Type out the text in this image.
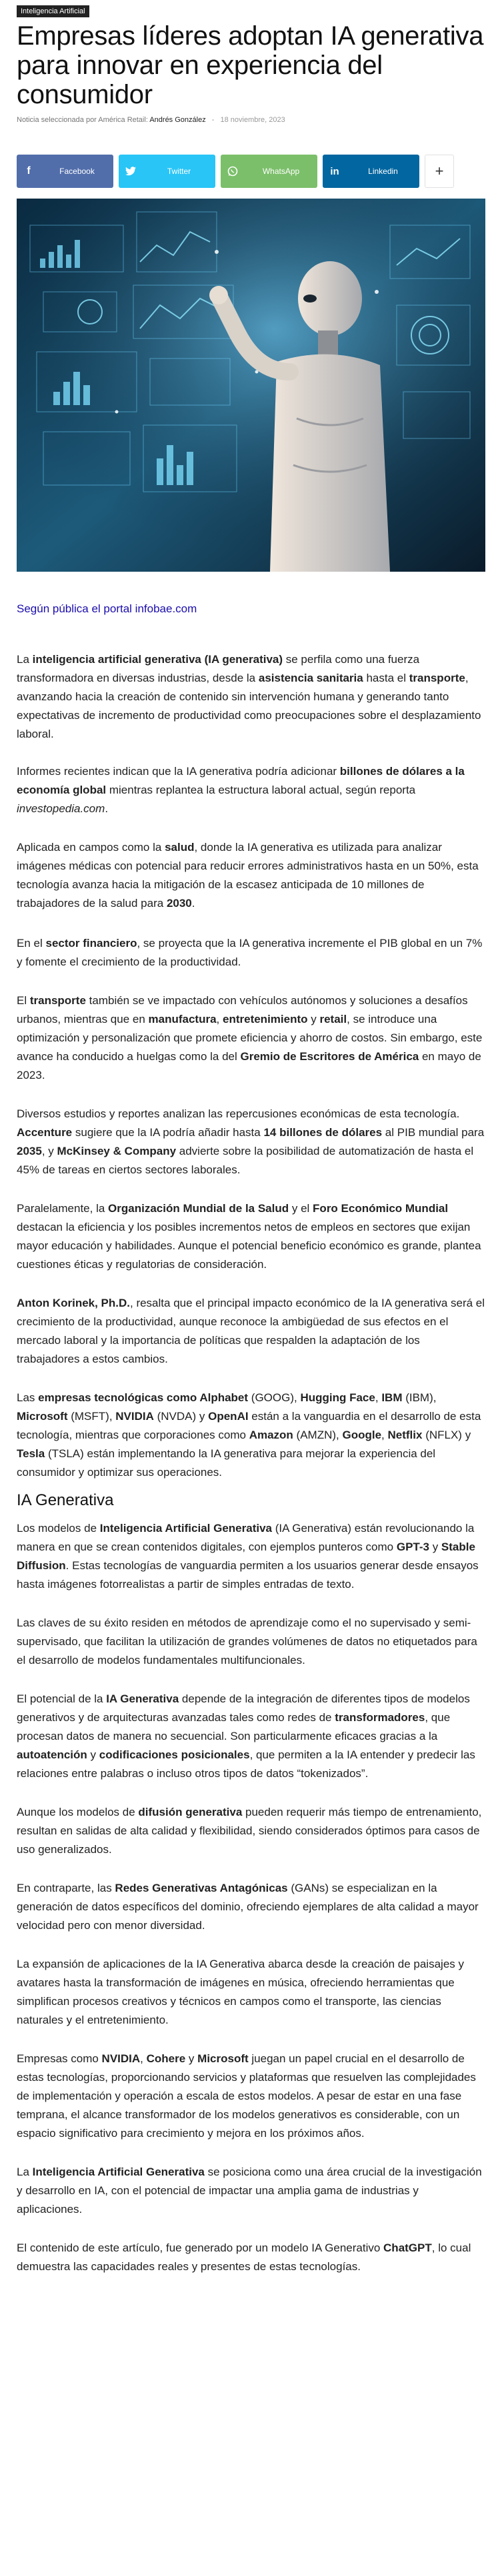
Inteligencia Artificial
Empresas líderes adoptan IA generativa para innovar en experiencia del consumidor
Noticia seleccionada por América Retail: Andrés González - 18 noviembre, 2023
f	Facebook	Twitter	WhatsApp	in	Linkedin	+
Según pública el portal infobae.com

La inteligencia artificial generativa (IA generativa) se perfila como una fuerza transformadora en diversas industrias, desde la asistencia sanitaria hasta el transporte, avanzando hacia la creación de contenido sin intervención humana y generando tanto expectativas de incremento de productividad como preocupaciones sobre el desplazamiento laboral.

Informes recientes indican que la IA generativa podría adicionar billones de dólares a la economía global mientras replantea la estructura laboral actual, según reporta investopedia.com.

Aplicada en campos como la salud, donde la IA generativa es utilizada para analizar imágenes médicas con potencial para reducir errores administrativos hasta en un 50%, esta tecnología avanza hacia la mitigación de la escasez anticipada de 10 millones de trabajadores de la salud para 2030.

En el sector financiero, se proyecta que la IA generativa incremente el PIB global en un 7% y fomente el crecimiento de la productividad.

El transporte también se ve impactado con vehículos autónomos y soluciones a desafíos urbanos, mientras que en manufactura, entretenimiento y retail, se introduce una optimización y personalización que promete eficiencia y ahorro de costos. Sin embargo, este avance ha conducido a huelgas como la del Gremio de Escritores de América en mayo de 2023.

Diversos estudios y reportes analizan las repercusiones económicas de esta tecnología. Accenture sugiere que la IA podría añadir hasta 14 billones de dólares al PIB mundial para 2035, y McKinsey & Company advierte sobre la posibilidad de automatización de hasta el 45% de tareas en ciertos sectores laborales.

Paralelamente, la Organización Mundial de la Salud y el Foro Económico Mundial destacan la eficiencia y los posibles incrementos netos de empleos en sectores que exijan mayor educación y habilidades. Aunque el potencial beneficio económico es grande, plantea cuestiones éticas y regulatorias de consideración.

Anton Korinek, Ph.D., resalta que el principal impacto económico de la IA generativa será el crecimiento de la productividad, aunque reconoce la ambigüedad de sus efectos en el mercado laboral y la importancia de políticas que respalden la adaptación de los trabajadores a estos cambios.

Las empresas tecnológicas como Alphabet (GOOG), Hugging Face, IBM (IBM), Microsoft (MSFT), NVIDIA (NVDA) y OpenAI están a la vanguardia en el desarrollo de esta tecnología, mientras que corporaciones como Amazon (AMZN), Google, Netflix (NFLX) y Tesla (TSLA) están implementando la IA generativa para mejorar la experiencia del consumidor y optimizar sus operaciones.

IA Generativa

Los modelos de Inteligencia Artificial Generativa (IA Generativa) están revolucionando la manera en que se crean contenidos digitales, con ejemplos punteros como GPT-3 y Stable Diffusion. Estas tecnologías de vanguardia permiten a los usuarios generar desde ensayos hasta imágenes fotorrealistas a partir de simples entradas de texto.

Las claves de su éxito residen en métodos de aprendizaje como el no supervisado y semi-supervisado, que facilitan la utilización de grandes volúmenes de datos no etiquetados para el desarrollo de modelos fundamentales multifuncionales.

El potencial de la IA Generativa depende de la integración de diferentes tipos de modelos generativos y de arquitecturas avanzadas tales como redes de transformadores, que procesan datos de manera no secuencial. Son particularmente eficaces gracias a la autoatención y codificaciones posicionales, que permiten a la IA entender y predecir las relaciones entre palabras o incluso otros tipos de datos “tokenizados”.

Aunque los modelos de difusión generativa pueden requerir más tiempo de entrenamiento, resultan en salidas de alta calidad y flexibilidad, siendo considerados óptimos para casos de uso generalizados.

En contraparte, las Redes Generativas Antagónicas (GANs) se especializan en la generación de datos específicos del dominio, ofreciendo ejemplares de alta calidad a mayor velocidad pero con menor diversidad.

La expansión de aplicaciones de la IA Generativa abarca desde la creación de paisajes y avatares hasta la transformación de imágenes en música, ofreciendo herramientas que simplifican procesos creativos y técnicos en campos como el transporte, las ciencias naturales y el entretenimiento.

Empresas como NVIDIA, Cohere y Microsoft juegan un papel crucial en el desarrollo de estas tecnologías, proporcionando servicios y plataformas que resuelven las complejidades de implementación y operación a escala de estos modelos. A pesar de estar en una fase temprana, el alcance transformador de los modelos generativos es considerable, con un espacio significativo para crecimiento y mejora en los próximos años.

La Inteligencia Artificial Generativa se posiciona como una área crucial de la investigación y desarrollo en IA, con el potencial de impactar una amplia gama de industrias y aplicaciones.

El contenido de este artículo, fue generado por un modelo IA Generativo ChatGPT, lo cual demuestra las capacidades reales y presentes de estas tecnologías.
